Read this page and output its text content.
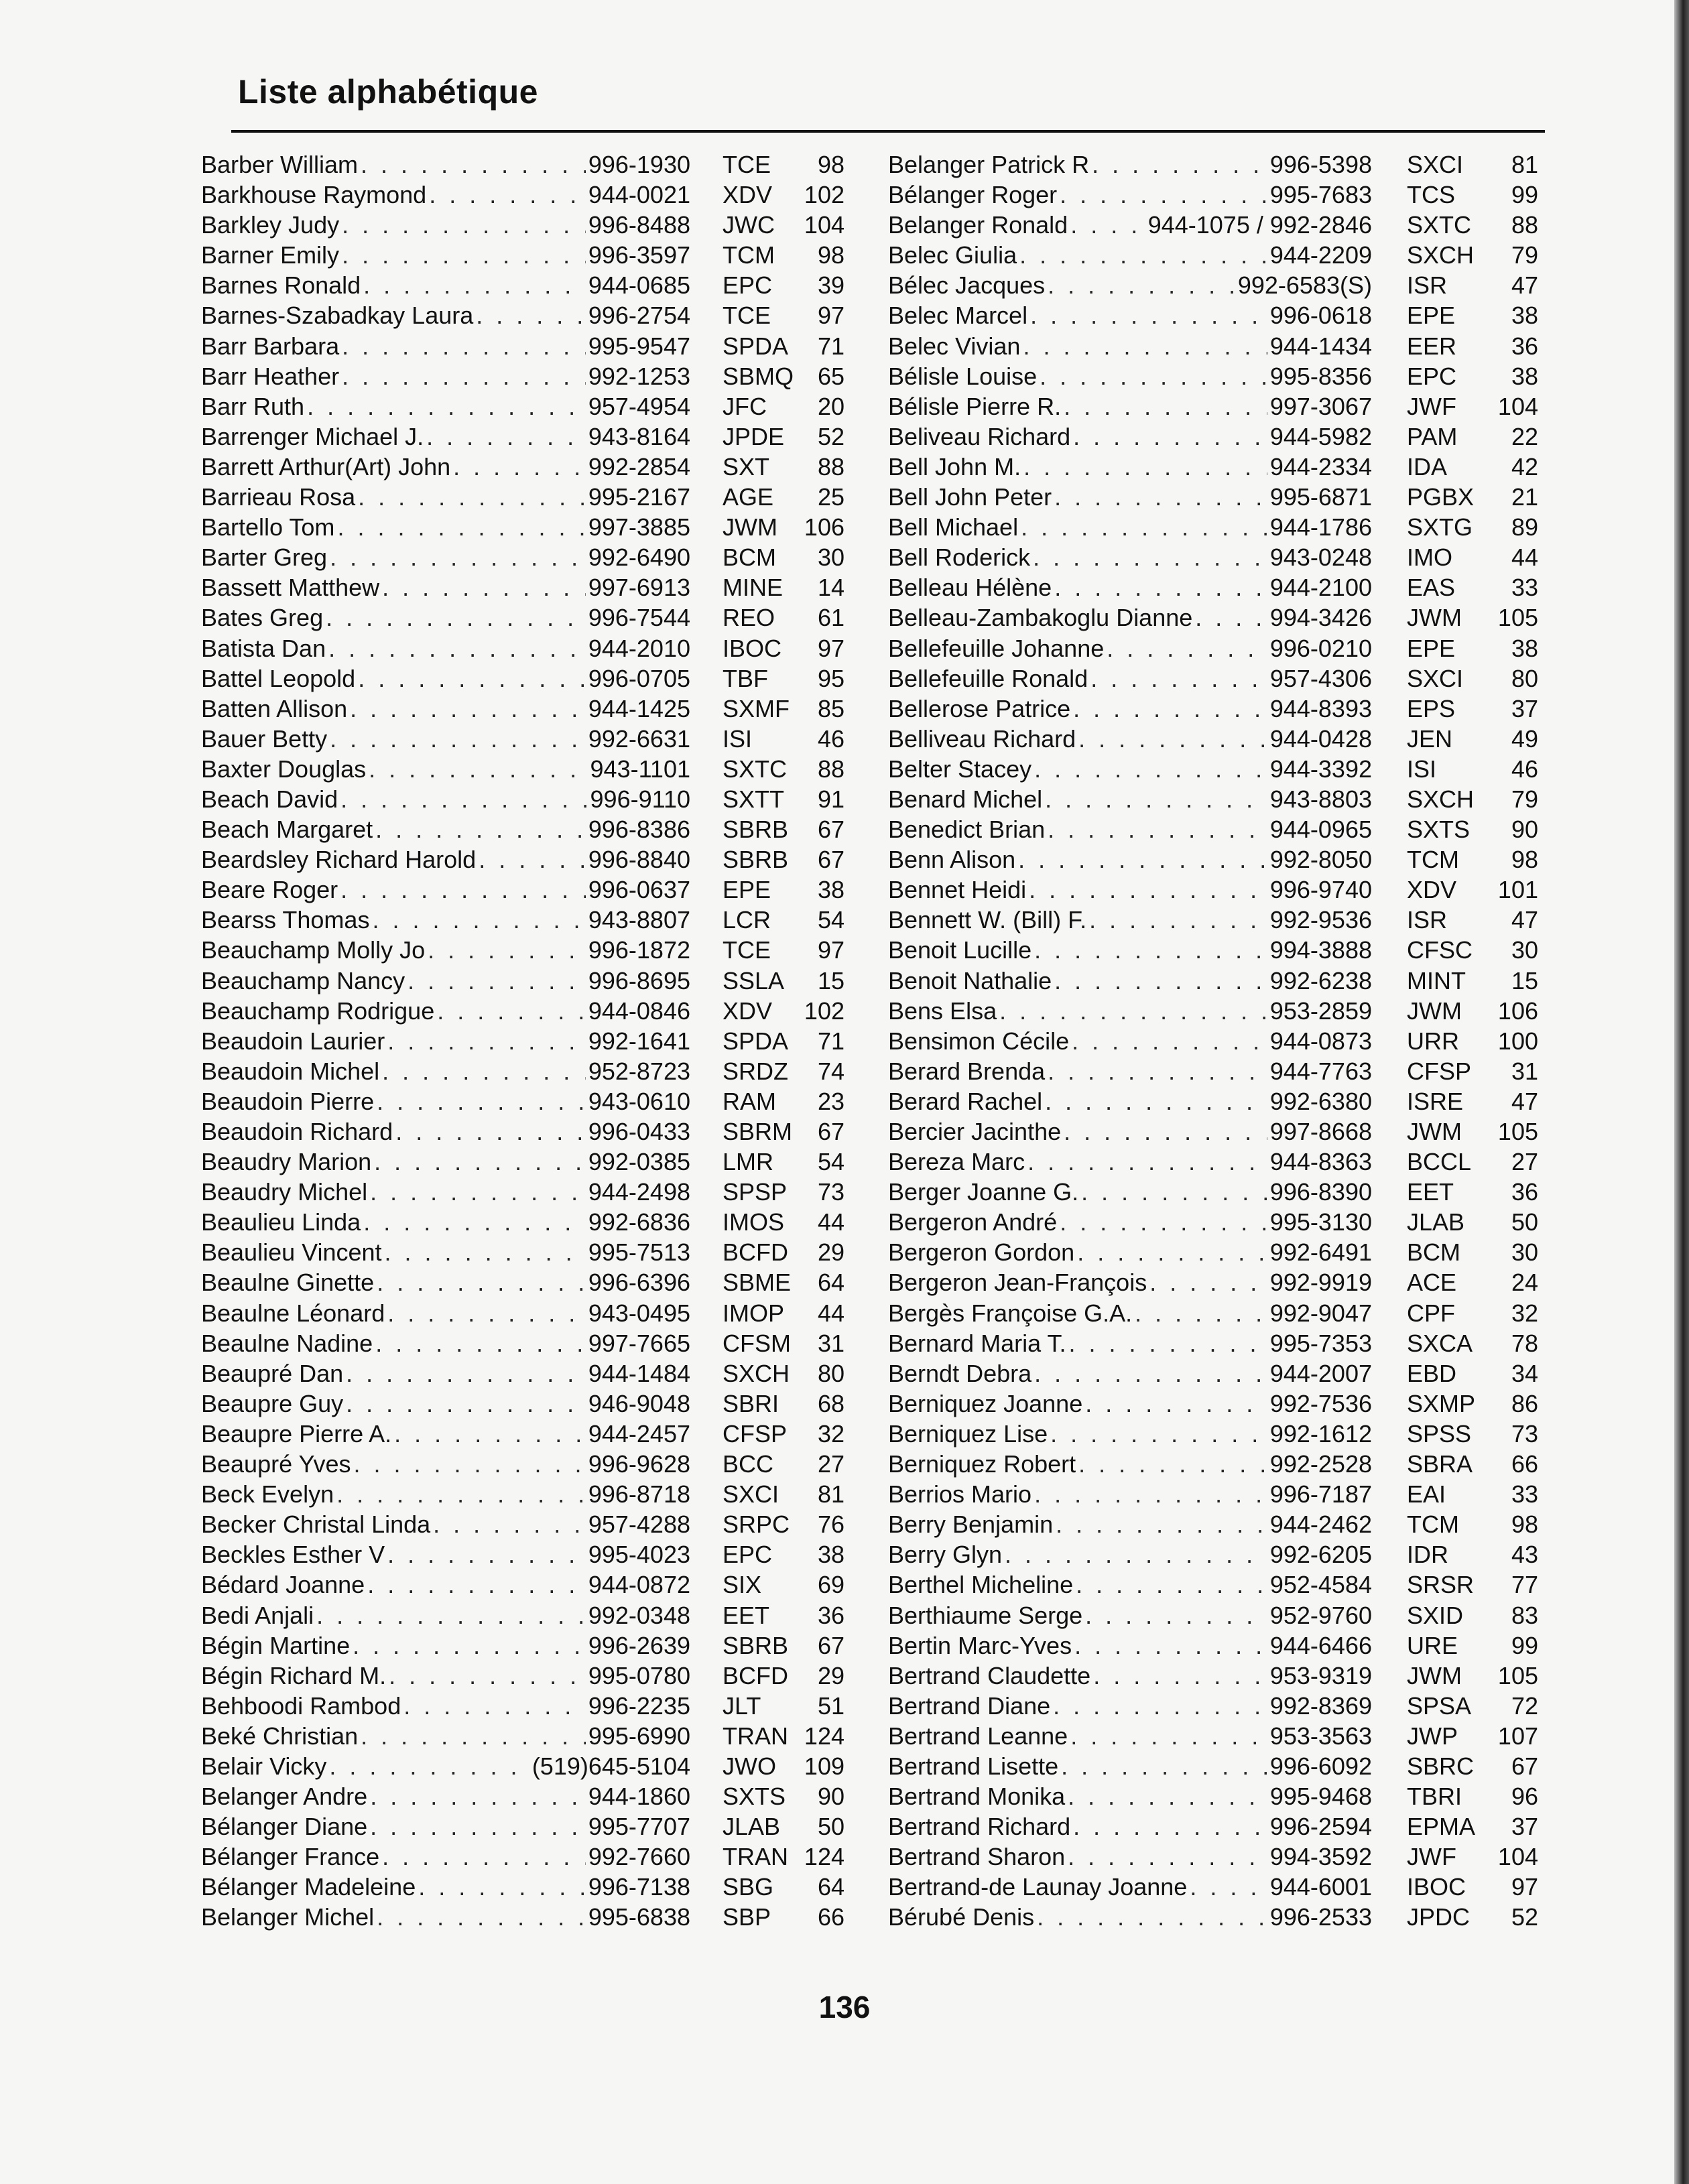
Liste alphabétique
Barber William . . .	996-1930	TCE	98
Barkhouse Raymond . . .	944-0021	XDV	102
Barkley Judy . . .	996-8488	JWC	104
Barner Emily . . .	996-3597	TCM	98
Barnes Ronald . . .	944-0685	EPC	39
Barnes-Szabadkay Laura . . .	996-2754	TCE	97
Barr Barbara . . .	995-9547	SPDA	71
Barr Heather . . .	992-1253	SBMQ 65
Barr Ruth . . .	957-4954	JFC	20
Barrenger Michael J. . . .	943-8164	JPDE	52
Barrett Arthur(Art) John . . .	992-2854	SXT	88
Barrieau Rosa . . .	995-2167	AGE	25
Bartello Tom . . .	997-3885	JWM	106
Barter Greg . . .	992-6490	BCM	30
Bassett Matthew . . .	997-6913	MINE	14
Bates Greg . . .	996-7544	REO	61
Batista Dan . . .	944-2010	IBOC	97
Battel Leopold . . .	996-0705	TBF	95
Batten Allison . . .	944-1425	SXMF	85
Bauer Betty . . .	992-6631	ISI	46
Baxter Douglas . . .	943-1101	SXTC	88
Beach David . . .	996-9110	SXTT	91
Beach Margaret . . .	996-8386	SBRB	67
Beardsley Richard Harold . . .	996-8840	SBRB	67
Beare Roger . . .	996-0637	EPE	38
Bearss Thomas . . .	943-8807	LCR	54
Beauchamp Molly Jo . . .	996-1872	TCE	97
Beauchamp Nancy . . .	996-8695	SSLA	15
Beauchamp Rodrigue . . .	944-0846	XDV	102
Beaudoin Laurier . . .	992-1641	SPDA	71
Beaudoin Michel . . .	952-8723	SRDZ	74
Beaudoin Pierre . . .	943-0610	RAM	23
Beaudoin Richard . . .	996-0433	SBRM	67
Beaudry Marion . . .	992-0385	LMR	54
Beaudry Michel . . .	944-2498	SPSP	73
Beaulieu Linda . . .	992-6836	IMOS	44
Beaulieu Vincent . . .	995-7513	BCFD	29
Beaulne Ginette . . .	996-6396	SBME	64
Beaulne Léonard . . .	943-0495	IMOP	44
Beaulne Nadine . . .	997-7665	CFSM	31
Beaupré Dan . . .	944-1484	SXCH	80
Beaupre Guy . . .	946-9048	SBRI	68
Beaupre Pierre A. . . .	944-2457	CFSP	32
Beaupré Yves . . .	996-9628	BCC	27
Beck Evelyn . . .	996-8718	SXCI	81
Becker Christal Linda . . .	957-4288	SRPC	76
Beckles Esther V . . .	995-4023	EPC	38
Bédard Joanne . . .	944-0872	SIX	69
Bedi Anjali . . .	992-0348	EET	36
Bégin Martine . . .	996-2639	SBRB	67
Bégin Richard M. . . .	995-0780	BCFD	29
Behboodi Rambod . . .	996-2235	JLT	51
Beké Christian . . .	995-6990	TRAN 124
Belair Vicky . . .	(519)645-5104	JWO	109
Belanger Andre . . .	944-1860	SXTS	90
Bélanger Diane . . .	995-7707	JLAB	50
Bélanger France . . .	992-7660	TRAN 124
Bélanger Madeleine . . .	996-7138	SBG	64
Belanger Michel . . .	995-6838	SBP	66
Belanger Patrick R . . .	996-5398	SXCI	81
Bélanger Roger . . .	995-7683	TCS	99
Belanger Ronald . . .	944-1075 / 992-2846	SXTC	88
Belec Giulia . . .	944-2209	SXCH	79
Bélec Jacques . . .	992-6583(S)	ISR	47
Belec Marcel . . .	996-0618	EPE	38
Belec Vivian . . .	944-1434	EER	36
Bélisle Louise . . .	995-8356	EPC	38
Bélisle Pierre R. . . .	997-3067	JWF	104
Beliveau Richard . . .	944-5982	PAM	22
Bell John M. . . .	944-2334	IDA	42
Bell John Peter . . .	995-6871	PGBX	21
Bell Michael . . .	944-1786	SXTG	89
Bell Roderick . . .	943-0248	IMO	44
Belleau Hélène . . .	944-2100	EAS	33
Belleau-Zambakoglu Dianne . . .	994-3426	JWM	105
Bellefeuille Johanne . . .	996-0210	EPE	38
Bellefeuille Ronald . . .	957-4306	SXCI	80
Bellerose Patrice . . .	944-8393	EPS	37
Belliveau Richard . . .	944-0428	JEN	49
Belter Stacey . . .	944-3392	ISI	46
Benard Michel . . .	943-8803	SXCH	79
Benedict Brian . . .	944-0965	SXTS	90
Benn Alison . . .	992-8050	TCM	98
Bennet Heidi . . .	996-9740	XDV	101
Bennett W. (Bill) F. . . .	992-9536	ISR	47
Benoit Lucille . . .	994-3888	CFSC	30
Benoit Nathalie . . .	992-6238	MINT	15
Bens Elsa . . .	953-2859	JWM	106
Bensimon Cécile . . .	944-0873	URR	100
Berard Brenda . . .	944-7763	CFSP	31
Berard Rachel . . .	992-6380	ISRE	47
Bercier Jacinthe . . .	997-8668	JWM	105
Bereza Marc . . .	944-8363	BCCL	27
Berger Joanne G. . . .	996-8390	EET	36
Bergeron André . . .	995-3130	JLAB	50
Bergeron Gordon . . .	992-6491	BCM	30
Bergeron Jean-François . . .	992-9919	ACE	24
Bergès Françoise G.A. . . .	992-9047	CPF	32
Bernard Maria T. . . .	995-7353	SXCA	78
Berndt Debra . . .	944-2007	EBD	34
Berniquez Joanne . . .	992-7536	SXMP	86
Berniquez Lise . . .	992-1612	SPSS	73
Berniquez Robert . . .	992-2528	SBRA	66
Berrios Mario . . .	996-7187	EAI	33
Berry Benjamin . . .	944-2462	TCM	98
Berry Glyn . . .	992-6205	IDR	43
Berthel Micheline . . .	952-4584	SRSR	77
Berthiaume Serge . . .	952-9760	SXID	83
Bertin Marc-Yves . . .	944-6466	URE	99
Bertrand Claudette . . .	953-9319	JWM	105
Bertrand Diane . . .	992-8369	SPSA	72
Bertrand Leanne . . .	953-3563	JWP	107
Bertrand Lisette . . .	996-6092	SBRC	67
Bertrand Monika . . .	995-9468	TBRI	96
Bertrand Richard . . .	996-2594	EPMA	37
Bertrand Sharon . . .	994-3592	JWF	104
Bertrand-de Launay Joanne . . .	944-6001	IBOC	97
Bérubé Denis . . .	996-2533	JPDC	52
136
